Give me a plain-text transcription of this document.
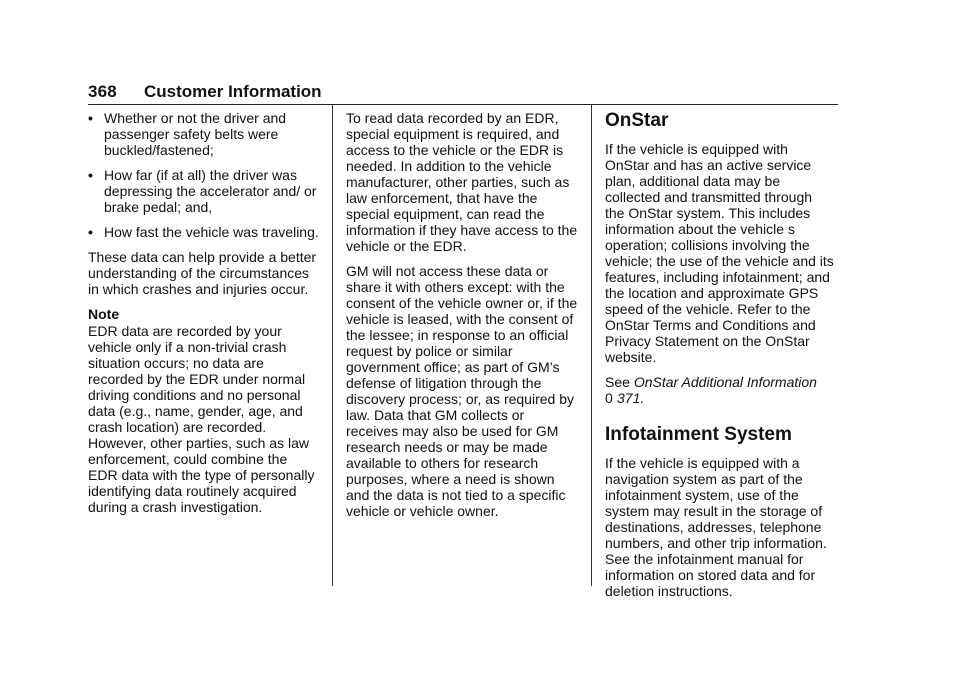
368 Customer Information
• Whether or not the driver and passenger safety belts were buckled/fastened;
• How far (if at all) the driver was depressing the accelerator and/ or brake pedal; and,
• How fast the vehicle was traveling.

These data can help provide a better understanding of the circumstances in which crashes and injuries occur.

Note

EDR data are recorded by your vehicle only if a non-trivial crash situation occurs; no data are recorded by the EDR under normal driving conditions and no personal data (e.g., name, gender, age, and crash location) are recorded. However, other parties, such as law enforcement, could combine the EDR data with the type of personally identifying data routinely acquired during a crash investigation.

To read data recorded by an EDR, special equipment is required, and access to the vehicle or the EDR is needed. In addition to the vehicle manufacturer, other parties, such as law enforcement, that have the special equipment, can read the information if they have access to the vehicle or the EDR.

GM will not access these data or share it with others except: with the consent of the vehicle owner or, if the vehicle is leased, with the consent of the lessee; in response to an official request by police or similar government office; as part of GM’s defense of litigation through the discovery process; or, as required by law. Data that GM collects or receives may also be used for GM research needs or may be made available to others for research purposes, where a need is shown and the data is not tied to a specific vehicle or vehicle owner.

OnStar

If the vehicle is equipped with OnStar and has an active service plan, additional data may be collected and transmitted through the OnStar system. This includes information about the vehicle s operation; collisions involving the vehicle; the use of the vehicle and its features, including infotainment; and the location and approximate GPS speed of the vehicle. Refer to the OnStar Terms and Conditions and Privacy Statement on the OnStar website.

See OnStar Additional Information
0 371.

Infotainment System

If the vehicle is equipped with a navigation system as part of the infotainment system, use of the system may result in the storage of destinations, addresses, telephone numbers, and other trip information. See the infotainment manual for information on stored data and for deletion instructions.
